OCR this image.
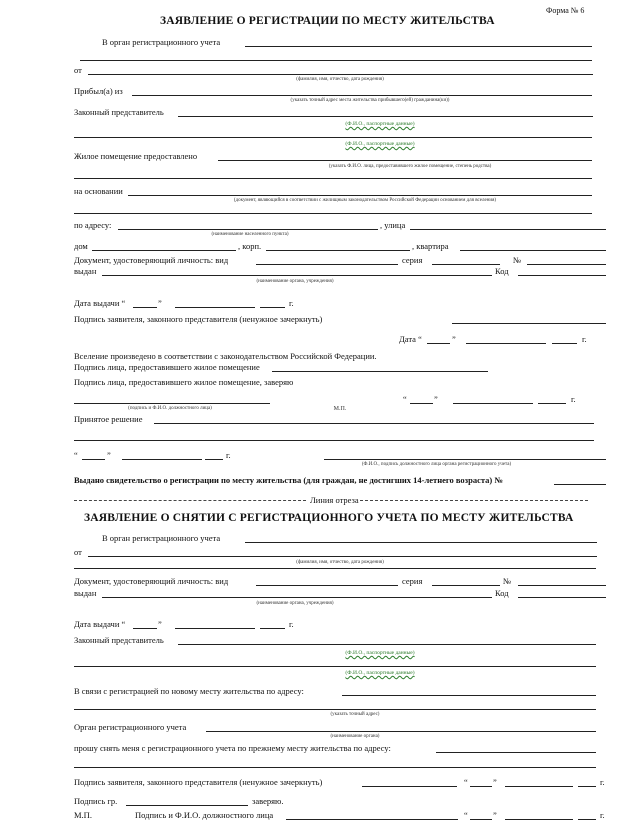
Форма № 6
ЗАЯВЛЕНИЕ О РЕГИСТРАЦИИ ПО МЕСТУ ЖИТЕЛЬСТВА
В орган регистрационного учета
от
(фамилия, имя, отчество, дата рождения)
Прибыл(а) из
(указать точный адрес места жительства прибывшего(ей) гражданина(ки))
Законный представитель
(Ф.И.О., паспортные данные)
(Ф.И.О., паспортные данные)
Жилое помещение предоставлено
(указать Ф.И.О. лица, предоставившего жилое помещение, степень родства)
на основании
(документ, являющийся в соответствии с жилищным законодательством Российской Федерации основанием для вселения)
по адресу:	, улица
(наименование населенного пункта)
дом	, корп.	, квартира
Документ, удостоверяющий личность: вид	серия	№
выдан	Код
(наименование органа, учреждения)
Дата выдачи “	”	г.
Подпись заявителя, законного представителя (ненужное зачеркнуть)
Дата “	”	г.
Вселение произведено в соответствии с законодательством Российской Федерации.
Подпись лица, предоставившего жилое помещение
Подпись лица, предоставившего жилое помещение, заверяю
“	”	г.
(подпись и Ф.И.О. должностного лица)	М.П.
Принятое решение
“	”	г.
(Ф.И.О., подпись должностного лица органа регистрационного учета)
Выдано свидетельство о регистрации по месту жительства (для граждан, не достигших 14-летнего возраста) №
Линия отреза
ЗАЯВЛЕНИЕ О СНЯТИИ С РЕГИСТРАЦИОННОГО УЧЕТА ПО МЕСТУ ЖИТЕЛЬСТВА
В орган регистрационного учета
от
(фамилия, имя, отчество, дата рождения)
Документ, удостоверяющий личность: вид	серия	№
выдан	Код
(наименование органа, учреждения)
Дата выдачи “	”	г.
Законный представитель
(Ф.И.О., паспортные данные)
(Ф.И.О., паспортные данные)
В связи с регистрацией по новому месту жительства по адресу:
(указать точный адрес)
Орган регистрационного учета
(наименование органа)
прошу снять меня с регистрационного учета по прежнему месту жительства по адресу:
Подпись заявителя, законного представителя (ненужное зачеркнуть)	“	”	г.
Подпись гр.	заверяю.
М.П.	Подпись и Ф.И.О. должностного лица	“	”	г.
